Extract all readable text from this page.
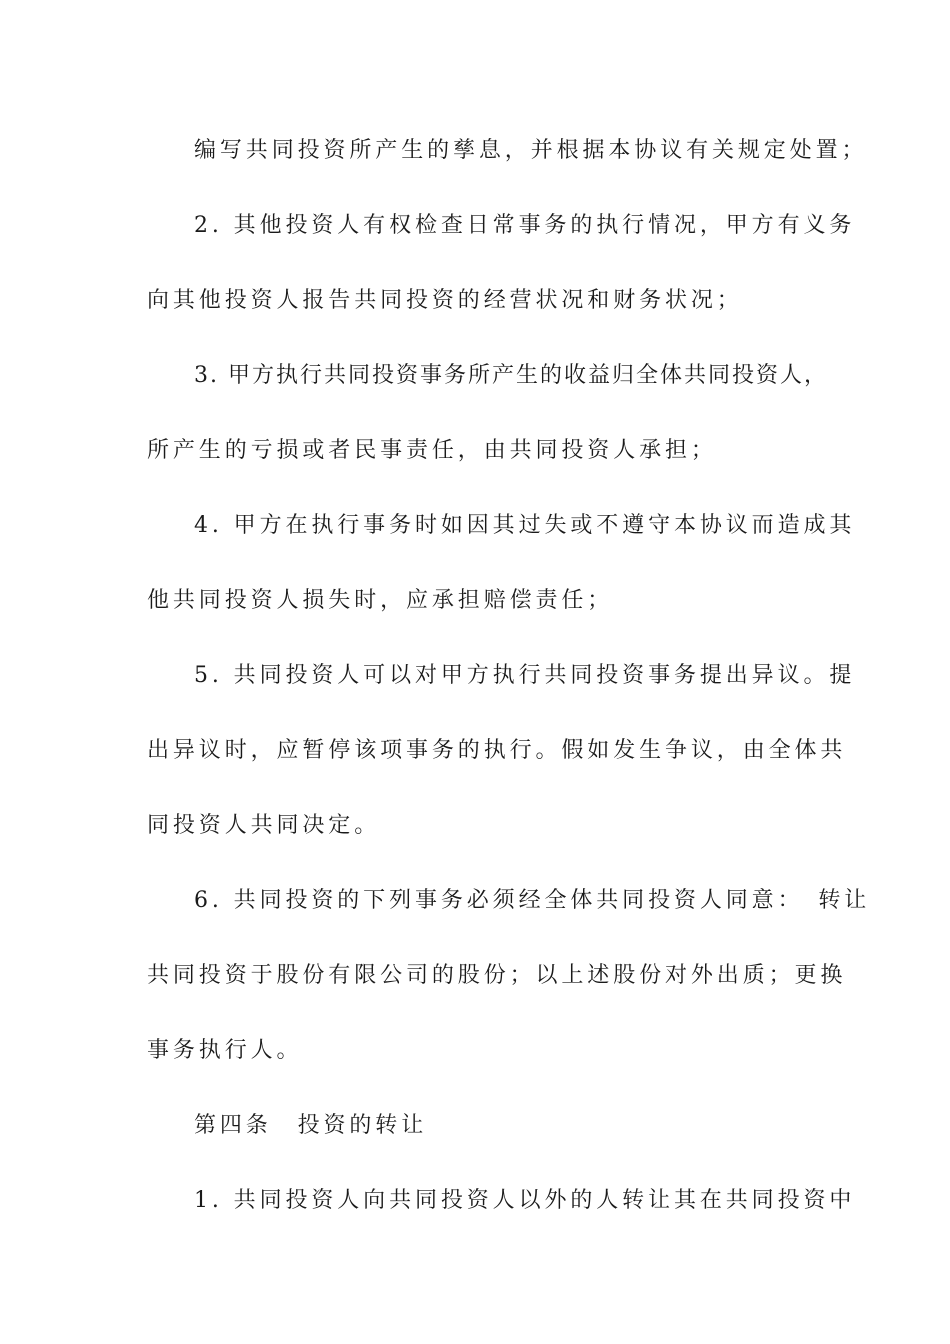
编写共同投资所产生的孳息，并根据本协议有关规定处置；
2. 其他投资人有权检查日常事务的执行情况，甲方有义务
向其他投资人报告共同投资的经营状况和财务状况；
3. 甲方执行共同投资事务所产生的收益归全体共同投资人，
所产生的亏损或者民事责任，由共同投资人承担；
4. 甲方在执行事务时如因其过失或不遵守本协议而造成其
他共同投资人损失时，应承担赔偿责任；
5. 共同投资人可以对甲方执行共同投资事务提出异议。提
出异议时，应暂停该项事务的执行。假如发生争议，由全体共
同投资人共同决定。
6. 共同投资的下列事务必须经全体共同投资人同意：　转让
共同投资于股份有限公司的股份；以上述股份对外出质；更换
事务执行人。
第四条　投资的转让
1. 共同投资人向共同投资人以外的人转让其在共同投资中
